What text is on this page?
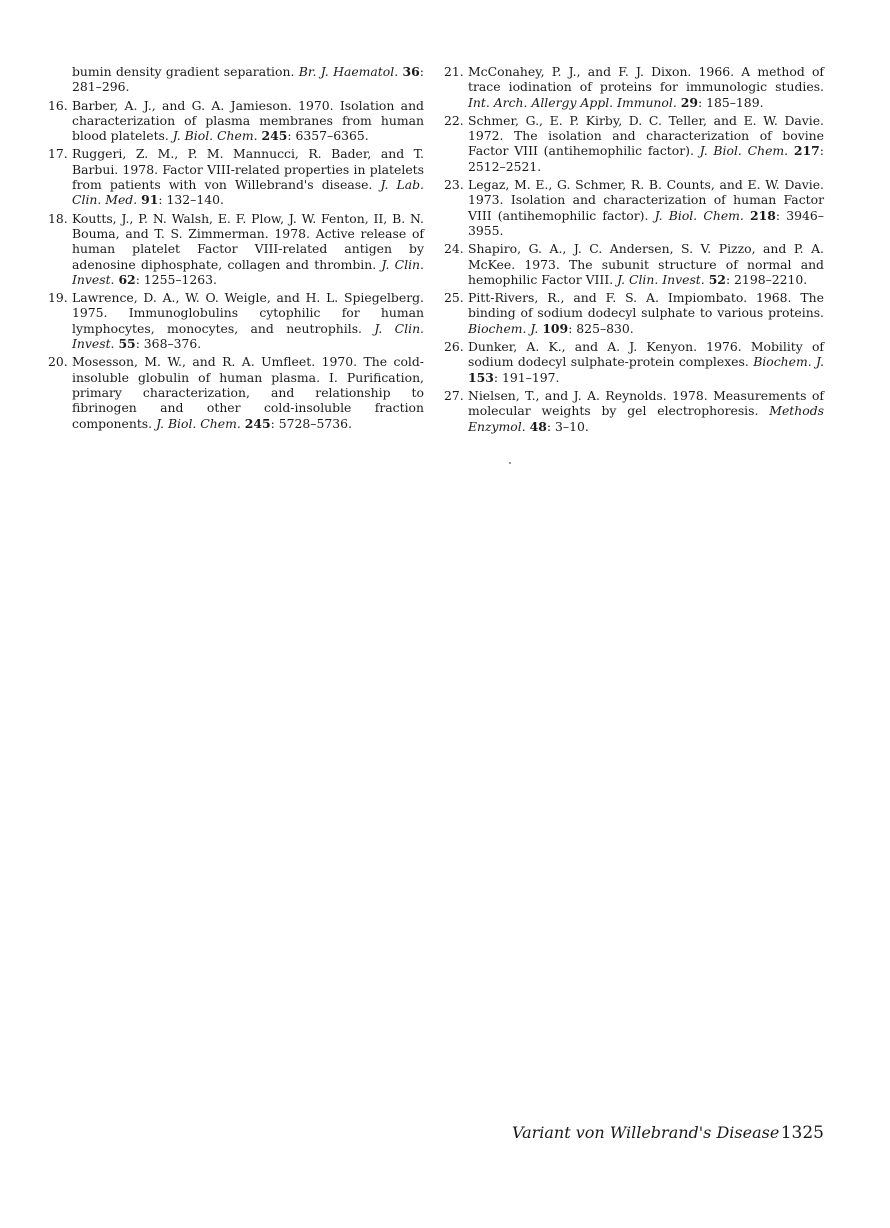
bumin density gradient separation. Br. J. Haematol. 36: 281–296.

16. Barber, A. J., and G. A. Jamieson. 1970. Isolation and characterization of plasma membranes from human blood platelets. J. Biol. Chem. 245: 6357–6365.

17. Ruggeri, Z. M., P. M. Mannucci, R. Bader, and T. Barbui. 1978. Factor VIII-related properties in platelets from patients with von Willebrand's disease. J. Lab. Clin. Med. 91: 132–140.

18. Koutts, J., P. N. Walsh, E. F. Plow, J. W. Fenton, II, B. N. Bouma, and T. S. Zimmerman. 1978. Active release of human platelet Factor VIII-related antigen by adenosine diphosphate, collagen and thrombin. J. Clin. Invest. 62: 1255–1263.

19. Lawrence, D. A., W. O. Weigle, and H. L. Spiegelberg. 1975. Immunoglobulins cytophilic for human lymphocytes, monocytes, and neutrophils. J. Clin. Invest. 55: 368–376.

20. Mosesson, M. W., and R. A. Umfleet. 1970. The cold-insoluble globulin of human plasma. I. Purification, primary characterization, and relationship to fibrinogen and other cold-insoluble fraction components. J. Biol. Chem. 245: 5728–5736.

21. McConahey, P. J., and F. J. Dixon. 1966. A method of trace iodination of proteins for immunologic studies. Int. Arch. Allergy Appl. Immunol. 29: 185–189.

22. Schmer, G., E. P. Kirby, D. C. Teller, and E. W. Davie. 1972. The isolation and characterization of bovine Factor VIII (antihemophilic factor). J. Biol. Chem. 217: 2512–2521.

23. Legaz, M. E., G. Schmer, R. B. Counts, and E. W. Davie. 1973. Isolation and characterization of human Factor VIII (antihemophilic factor). J. Biol. Chem. 218: 3946–3955.

24. Shapiro, G. A., J. C. Andersen, S. V. Pizzo, and P. A. McKee. 1973. The subunit structure of normal and hemophilic Factor VIII. J. Clin. Invest. 52: 2198–2210.

25. Pitt-Rivers, R., and F. S. A. Impiombato. 1968. The binding of sodium dodecyl sulphate to various proteins. Biochem. J. 109: 825–830.

26. Dunker, A. K., and A. J. Kenyon. 1976. Mobility of sodium dodecyl sulphate-protein complexes. Biochem. J. 153: 191–197.

27. Nielsen, T., and J. A. Reynolds. 1978. Measurements of molecular weights by gel electrophoresis. Methods Enzymol. 48: 3–10.

Variant von Willebrand's Disease 1325
